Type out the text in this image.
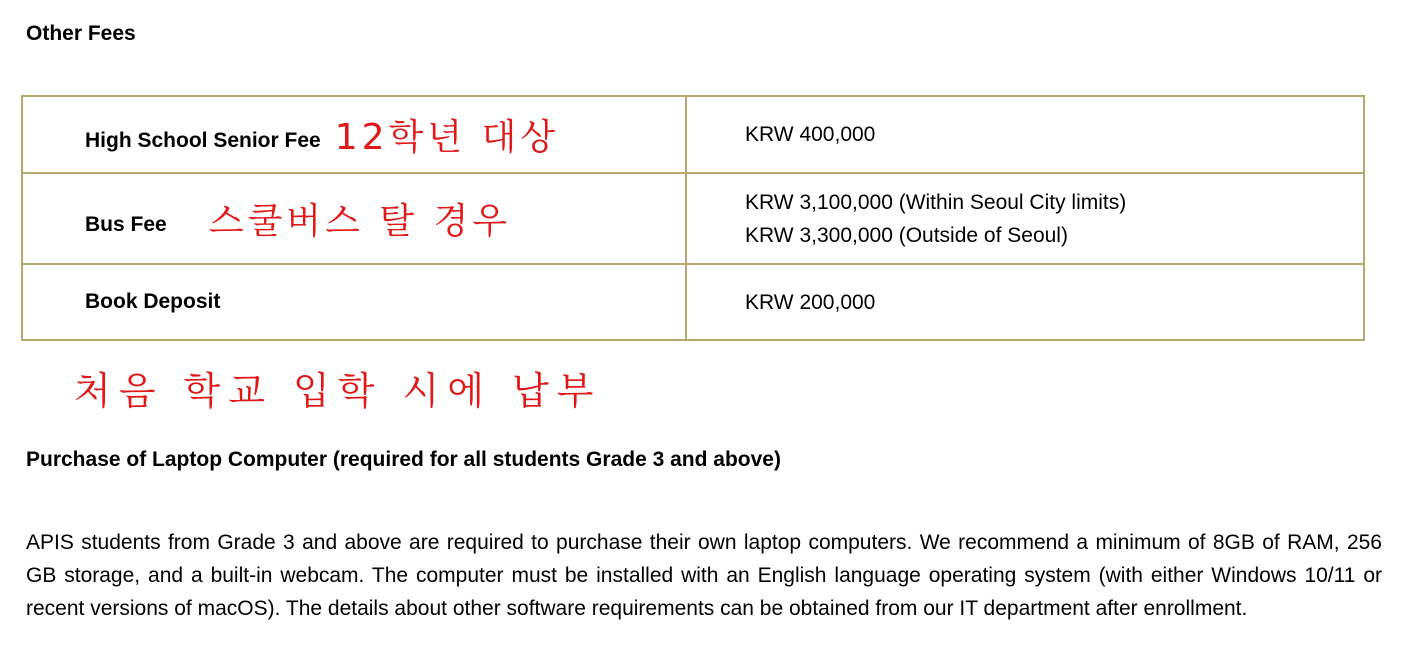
Other Fees
High School Senior Fee 12학년 대상	KRW 400,000

Bus Fee 스쿨버스 탈 경우	KRW 3,100,000 (Within Seoul City limits)
KRW 3,300,000 (Outside of Seoul)

Book Deposit	KRW 200,000
처음 학교 입학 시에 납부
Purchase of Laptop Computer (required for all students Grade 3 and above)

APIS students from Grade 3 and above are required to purchase their own laptop computers. We recommend a minimum of 8GB of RAM, 256 GB storage, and a built-in webcam. The computer must be installed with an English language operating system (with either Windows 10/11 or recent versions of macOS). The details about other software requirements can be obtained from our IT department after enrollment.
